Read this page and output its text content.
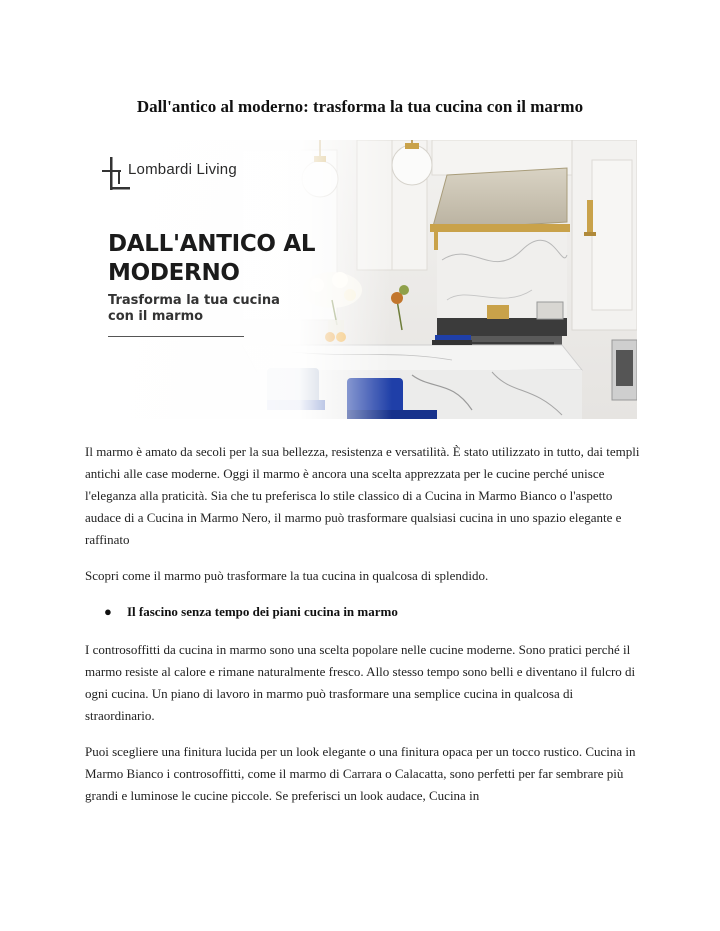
Dall'antico al moderno: trasforma la tua cucina con il marmo
Lombardi Living
DALL'ANTICO AL
MODERNO
Trasforma la tua cucina
con il marmo

Il marmo è amato da secoli per la sua bellezza, resistenza e versatilità. È stato utilizzato in tutto, dai templi antichi alle case moderne. Oggi il marmo è ancora una scelta apprezzata per le cucine perché unisce l'eleganza alla praticità. Sia che tu preferisca lo stile classico di a Cucina in Marmo Bianco o l'aspetto audace di a Cucina in Marmo Nero, il marmo può trasformare qualsiasi cucina in uno spazio elegante e raffinato

Scopri come il marmo può trasformare la tua cucina in qualcosa di splendido.

● Il fascino senza tempo dei piani cucina in marmo

I controsoffitti da cucina in marmo sono una scelta popolare nelle cucine moderne. Sono pratici perché il marmo resiste al calore e rimane naturalmente fresco. Allo stesso tempo sono belli e diventano il fulcro di ogni cucina. Un piano di lavoro in marmo può trasformare una semplice cucina in qualcosa di straordinario.

Puoi scegliere una finitura lucida per un look elegante o una finitura opaca per un tocco rustico. Cucina in Marmo Bianco i controsoffitti, come il marmo di Carrara o Calacatta, sono perfetti per far sembrare più grandi e luminose le cucine piccole. Se preferisci un look audace, Cucina in
